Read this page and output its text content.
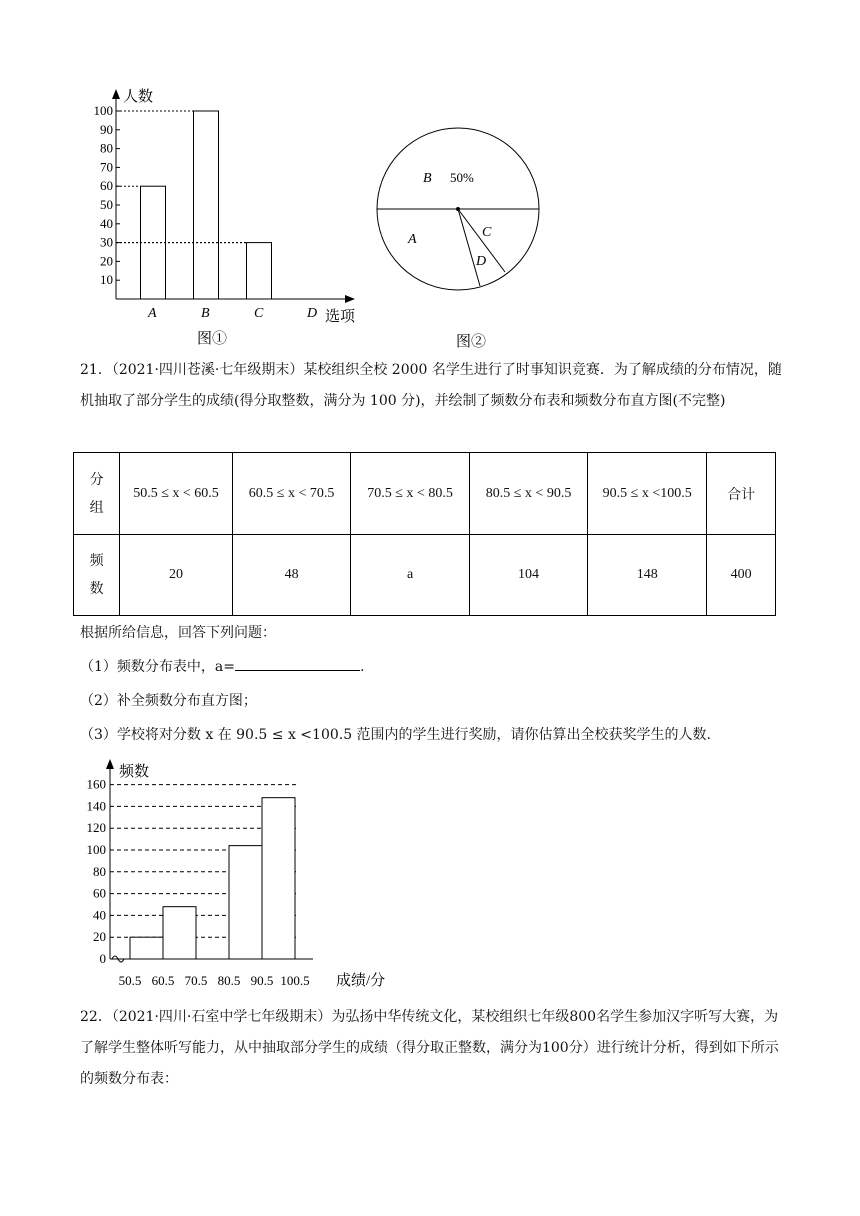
100
90
80
70
60
50
40
30
20
10
人数
选项
A	B	C	D
图①
B 50%
A	C
D
图②
21．（2021·四川苍溪·七年级期末）某校组织全校 2000 名学生进行了时事知识竞赛．为了解成绩的分布情况，随机抽取了部分学生的成绩(得分取整数，满分为 100 分)，并绘制了频数分布表和频数分布直方图(不完整)
分
组	50.5 ≤ x < 60.5	60.5 ≤ x < 70.5	70.5 ≤ x < 80.5	80.5 ≤ x < 90.5	90.5 ≤ x <100.5	合计

频
数	20	48	a	104	148	400
根据所给信息，回答下列问题：
（1）频数分布表中，a=	.
（2）补全频数分布直方图；
（3）学校将对分数 x 在 90.5 ≤ x <100.5 范围内的学生进行奖励，请你估算出全校获奖学生的人数.
160
140
120
100
80
60
40
20
0
50.5 60.5 70.5 80.5 90.5 100.5
频数
成绩/分
22．（2021·四川·石室中学七年级期末）为弘扬中华传统文化，某校组织七年级800名学生参加汉字听写大赛，为了解学生整体听写能力，从中抽取部分学生的成绩（得分取正整数，满分为100分）进行统计分析，得到如下所示的频数分布表：
